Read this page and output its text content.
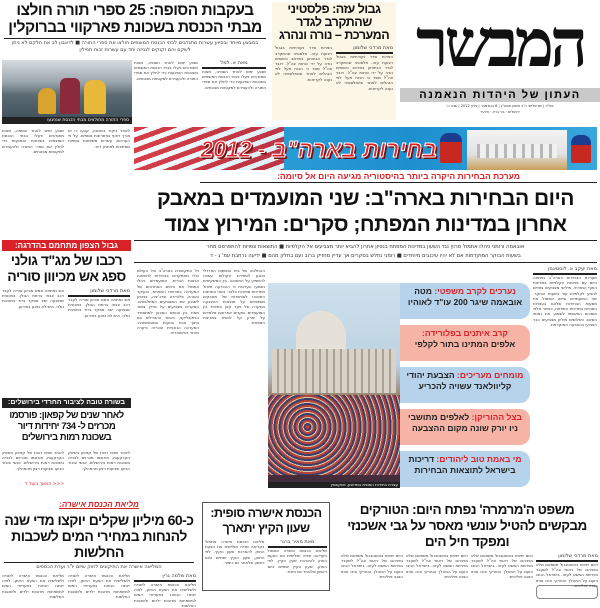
המבשר
העתון של היהדות הנאמנה
בס"ד | יום שלישי כ"ב חשוון תשע"ג | 6 בנובמבר | גליון 2012 | שנה ה'
ירושלים · בני ברק · אלעד
גבול עזה: פלסטיני שהתקרב לגדר המערכת – נורה ונהרג
מאת מרדכי שלומון
הפרות סדר נקודתיות בגבול רצועת עזה. פלסטיני שהתקרב לגדר הביטחון במרחב כיסופים נורה על ידי כוחות צה"ל. דובר צה"ל מסר כי הכוח פעל לפי הנהלים לאחר שהפלסטיני לא נענה לקריאות.
הפרות סדר נקודתיות בגבול רצועת עזה. פלסטיני שהתקרב לגדר הביטחון במרחב כיסופים נורה על ידי כוחות צה"ל. דובר צה"ל מסר כי הכוח פעל לפי הנהלים לאחר שהפלסטיני לא נענה לקריאות.
בעקבות הסופה: 25 ספרי תורה חולצו מבתי הכנסת בשכונת פארקווי בברוקלין
במבצע מיוחד ובסיוע עשרות מתנדבים לבתי הכנסת המוצפים חולצו את ספרי התורה ■ לדאבון לב את חלקם לא ניתן לשקם והם זקוקים לגניזה יחד עם עשרות זכות תפילין
ספרי התורה מחולצים מבתי הכנסת שנפגעו
מאת א. למל
שבוע ימים לאחר הסופה, מאות מתנדבים פעלו בבתי הכנסת המוצפים בשכונות הנפגעות כדי לחלץ את ספרי התורה ולהעבירם למקומות מבטחים.
שבוע ימים לאחר הסופה, מאות מתנדבים פעלו בבתי הכנסת המוצפים בשכונות הנפגעות כדי לחלץ את ספרי התורה ולהעבירם למקומות מבטחים.
בחירות בארה"ב - 2012
מערכת הבחירות היקרה ביותר בהיסטוריה מגיעה היום אל סיומה:
היום הבחירות בארה"ב: שני המועמדים במאבק
אחרון במדינות המפתח; סקרים: המירוץ צמוד
אובאמה ורומני ניהלו אתמול מרוץ נגד השעון במדינות המפתח בנסיון אחרון להביא יותר מצביעים אל הקלפיות ■ התוצאות צפויות להתפרסם מחר
בשעות הבוקר המוקדמות אם לא יהיו עיכובים מיוחדים ■ רומני נחלש בסקרים אך עדיין מחזיק ברוב ועם בחלק מהם ■ ידיעה נרחבת עמ' ג - ד
מאת יעקב א. לוסטיגמן
מערכת הבחירות בארה"ב נפתחה היום עם פתיחת הקלפיות במדינות החוף המזרחי. מיליוני מצביעים צפויים להגיע לקלפיות עוד בשעות הבוקר. שני המועמדים סיימו אתמול את מסעות הבחירות שלהם בעצרות המוניות במדינות המפתח, כאשר אלפי תומכים התאספו לשמוע את נאומי הסיום. כשלושים מיליון מצביעים כבר הצביעו בהצבעה המוקדמת.
עצרת בחירות המונית במדיסון, ויסקונסין
נערכים לקרב משפטי: מטה אובאמה שיגר 200 עו"ד לאוהיו
קרב איתנים בפלורידה:
אלפים המתינו בתור לקלפי
מומחים מעריכים: הצבעת יהודי קליוולאנד עשויה להכריע
בצל ההוריקן: לאלפים מתושבי ניו יורק שונה מקום ההצבעה
מי באמת טוב ליהודים: דריכות בישראל לתוצאות הבחירות
ההחלטה של בית המשפט הפדרלי בנוגע לספירת הקולות עשויה להשפיע על התוצאה. בין המשקיפים נשמעו הערכות כי ההכרעה תיפול במדינות ספורות בלבד. בשני המחנות התכוננו לאפשרות של מאבקים משפטיים על תוצאות ההצבעה במקרה של פער קטן במיוחד בין המועמדים. סקרים אחרונים מלמדים על יתרון קל לנשיא במדינות המפתח.
כל התקשורת בארה"ב וכל העולם כולו מתמקדים בבחירות לנשיאות ארצות הברית. המועמדים ניהלו אתמול את הימים האחרונים של המערכה במדינות המפתח, ובעיקר באוהיו, פלורידה ווירג'יניה, בניסיון לשכנע את המצביעים המתלבטים. הסקרים מצביעים על מרוץ צמוד מאוד בין הנשיא המכהן למתמודד הרפובליקני, כאשר ההבדלים הם בתוך טווח הטעות הסטטיסטית. המערכה הנוכחית הוכרזה כיקרה ביותר בהיסטוריה.
שבוע ימים לאחר הסופה, מאות מתנדבים פעלו בבתי הכנסת המוצפים בשכונות הנפגעות כדי לחלץ את ספרי התורה ולהעבירם למקומות מבטחים.
לאחר ביקור בשכונה, קבעו כי יש צורך דחוף בפתרונות נוספים. על פי הערכות, עשרות משפחות נוספות ממתינות לפתרון דיור.
גבול הצפון מתחמם בהדרגה:
רכבו של מג"ד גולני ספג אש מכיוון סוריה
מאת מרדכי שלומון
אש נפתחה אמש מכיוון סוריה לעבר רכב צבאי ברמת הגולן. במכונית שנפגעה ישב מפקד גדוד בחטיבת גולני. איש לא נפגע באירוע.
אש נפתחה אמש מכיוון סוריה לעבר רכב צבאי ברמת הגולן. במכונית שנפגעה ישב מפקד גדוד בחטיבת גולני. איש לא נפגע באירוע.
בשורה טובה לציבור החרדי בירושלים:
לאחר שנים של קפאון: פורסמו מכרזים ל- 734 יחידות דיור בשכונת רמות בירושלים
לאחר שנים רבות של קפאון בשיווק הקרקעות, פורסמו מכרזים לבנייה בשכונת רמות בירושלים. אנשי ציבור הביעו שביעות רצון מהמהלך.
לאחר שנים רבות של קפאון בשיווק הקרקעות, פורסמו מכרזים לבנייה בשכונת רמות בירושלים. אנשי ציבור הביעו שביעות רצון מהמהלך.
<<< המשך בעמ' ד
מליאת הכנסת אישרה:
כ-60 מיליון שקלים יוקצו מדי שנה להנחות במחירי המים לשכבות החלשות
המליאה אישרה את התיקונים לחוק שיזם יו"ר ועדת הכספים
מאת שלמה גרין
מליאת הכנסת אישרה לשנייה ולשלישית את הצעת החוק, לפיה יינתנו הנחות בתעריפי המים למשפחות מרובות ילדים ולשכבות החלשות.
מליאת הכנסת אישרה לשנייה ולשלישית את הצעת החוק, לפיה יינתנו הנחות בתעריפי המים למשפחות מרובות ילדים ולשכבות החלשות.
מליאת הכנסת אישרה לשנייה ולשלישית את הצעת החוק, לפיה יינתנו הנחות בתעריפי המים למשפחות מרובות ילדים ולשכבות החלשות.
הכנסת אישרה סופית: שעון הקיץ יתארך
מאת מאיר ברנר
מליאת הכנסת אישרה אתמול בקריאה שנייה ושלישית את הצעת החוק להארכת שעון הקיץ. לפי החוק, שעון הקיץ יסתיים ביום ראשון שלאחר יום כיפור.
מליאת הכנסת אישרה אתמול בקריאה שנייה ושלישית את הצעת החוק להארכת שעון הקיץ. לפי החוק, שעון הקיץ יסתיים ביום ראשון שלאחר יום כיפור.
משפט ה'מרמרה' נפתח היום: הטורקים מבקשים להטיל עונשי מאסר על גבי אשכנזי ומפקד חיל הים
מאת מרדכי שלומון
היום ייפתח באיסטנבול משפטם שלא בפניהם של ראשי צה"ל לשעבר בפרשת המשט לעזה. בישראל הגיבו בזעם על המהלך הטורקי וכינו אותו הצגה פוליטית.
היום ייפתח באיסטנבול משפטם שלא בפניהם של ראשי צה"ל לשעבר בפרשת המשט לעזה. בישראל הגיבו בזעם על המהלך הטורקי וכינו אותו הצגה פוליטית.
היום ייפתח באיסטנבול משפטם שלא בפניהם של ראשי צה"ל לשעבר בפרשת המשט לעזה. בישראל הגיבו בזעם על המהלך הטורקי וכינו אותו הצגה פוליטית.
היום ייפתח באיסטנבול משפטם שלא בפניהם של ראשי צה"ל לשעבר בפרשת המשט לעזה. בישראל הגיבו בזעם על המהלך הטורקי וכינו אותו הצגה פוליטית.
